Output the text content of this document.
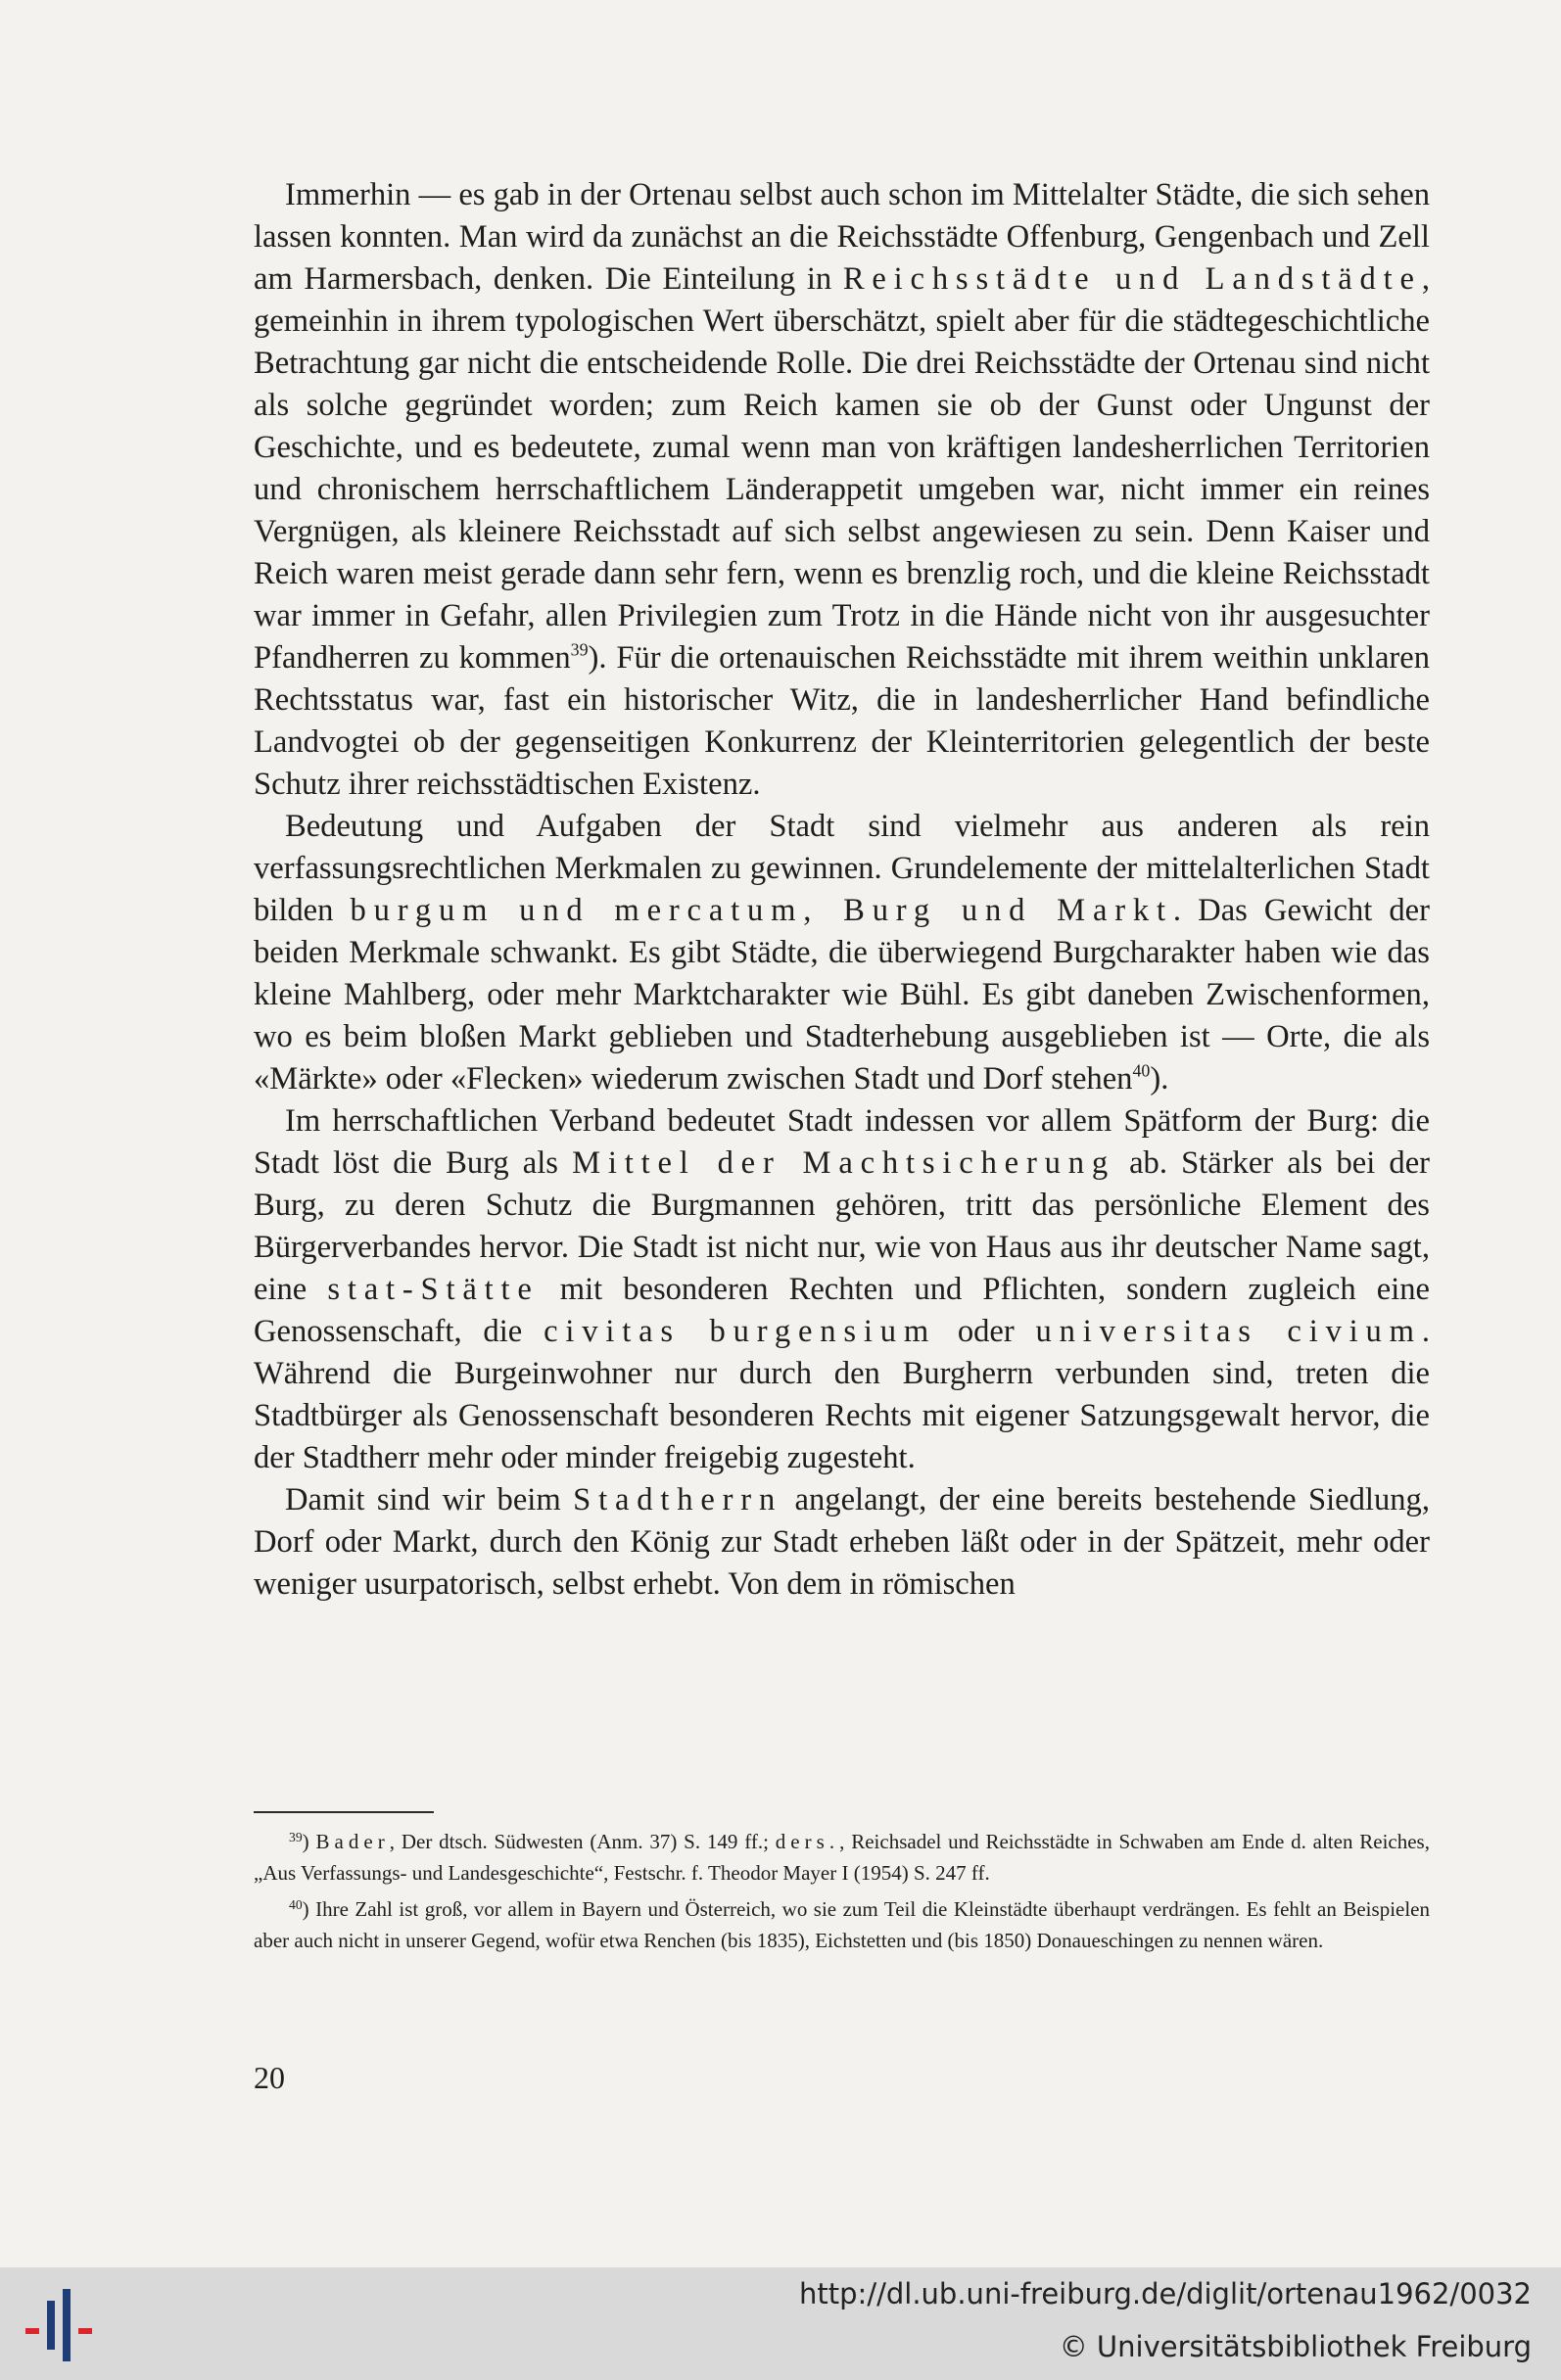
Immerhin — es gab in der Ortenau selbst auch schon im Mittelalter Städte, die sich sehen lassen konnten. Man wird da zunächst an die Reichsstädte Offenburg, Gengenbach und Zell am Harmersbach, denken. Die Einteilung in Reichsstädte und Landstädte, gemeinhin in ihrem typologischen Wert überschätzt, spielt aber für die städtegeschichtliche Betrachtung gar nicht die entscheidende Rolle. Die drei Reichsstädte der Ortenau sind nicht als solche gegründet worden; zum Reich kamen sie ob der Gunst oder Ungunst der Geschichte, und es bedeutete, zumal wenn man von kräftigen landesherrlichen Territorien und chronischem herrschaftlichem Länderappetit umgeben war, nicht immer ein reines Vergnügen, als kleinere Reichsstadt auf sich selbst angewiesen zu sein. Denn Kaiser und Reich waren meist gerade dann sehr fern, wenn es brenzlig roch, und die kleine Reichsstadt war immer in Gefahr, allen Privilegien zum Trotz in die Hände nicht von ihr ausgesuchter Pfandherren zu kommen$^{39}$). Für die ortenauischen Reichsstädte mit ihrem weithin unklaren Rechtsstatus war, fast ein historischer Witz, die in landesherrlicher Hand befindliche Landvogtei ob der gegenseitigen Konkurrenz der Kleinterritorien gelegentlich der beste Schutz ihrer reichsstädtischen Existenz.

Bedeutung und Aufgaben der Stadt sind vielmehr aus anderen als rein verfassungsrechtlichen Merkmalen zu gewinnen. Grundelemente der mittelalterlichen Stadt bilden burgum und mercatum, Burg und Markt. Das Gewicht der beiden Merkmale schwankt. Es gibt Städte, die überwiegend Burgcharakter haben wie das kleine Mahlberg, oder mehr Marktcharakter wie Bühl. Es gibt daneben Zwischenformen, wo es beim bloßen Markt geblieben und Stadterhebung ausgeblieben ist — Orte, die als «Märkte» oder «Flecken» wiederum zwischen Stadt und Dorf stehen$^{40}$).

Im herrschaftlichen Verband bedeutet Stadt indessen vor allem Spätform der Burg: die Stadt löst die Burg als Mittel der Machtsicherung ab. Stärker als bei der Burg, zu deren Schutz die Burgmannen gehören, tritt das persönliche Element des Bürgerverbandes hervor. Die Stadt ist nicht nur, wie von Haus aus ihr deutscher Name sagt, eine stat-Stätte mit besonderen Rechten und Pflichten, sondern zugleich eine Genossenschaft, die civitas burgensium oder universitas civium. Während die Burgeinwohner nur durch den Burgherrn verbunden sind, treten die Stadtbürger als Genossenschaft besonderen Rechts mit eigener Satzungsgewalt hervor, die der Stadtherr mehr oder minder freigebig zugesteht.

Damit sind wir beim Stadtherrn angelangt, der eine bereits bestehende Siedlung, Dorf oder Markt, durch den König zur Stadt erheben läßt oder in der Spätzeit, mehr oder weniger usurpatorisch, selbst erhebt. Von dem in römischen

$^{39}$) Bader, Der dtsch. Südwesten (Anm. 37) S. 149 ff.; ders., Reichsadel und Reichsstädte in Schwaben am Ende d. alten Reiches, „Aus Verfassungs- und Landesgeschichte“, Festschr. f. Theodor Mayer I (1954) S. 247 ff.

$^{40}$) Ihre Zahl ist groß, vor allem in Bayern und Österreich, wo sie zum Teil die Kleinstädte überhaupt verdrängen. Es fehlt an Beispielen aber auch nicht in unserer Gegend, wofür etwa Renchen (bis 1835), Eichstetten und (bis 1850) Donaueschingen zu nennen wären.

20
http://dl.ub.uni-freiburg.de/diglit/ortenau1962/0032
© Universitätsbibliothek Freiburg
